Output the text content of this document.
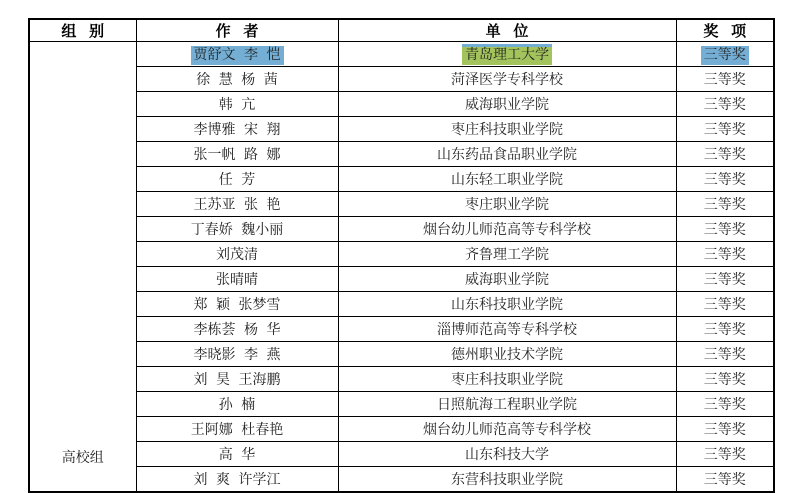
组 别	作 者	单 位	奖 项

高校组	贾舒文 李 恺	青岛理工大学	三等奖
	徐 慧 杨 茜	菏泽医学专科学校	三等奖
	韩 亢	威海职业学院	三等奖
	李博雅 宋 翔	枣庄科技职业学院	三等奖
	张一帆 路 娜	山东药品食品职业学院	三等奖
	任 芳	山东轻工职业学院	三等奖
	王苏亚 张 艳	枣庄职业学院	三等奖
	丁春娇 魏小丽	烟台幼儿师范高等专科学校	三等奖
	刘茂清	齐鲁理工学院	三等奖
	张晴晴	威海职业学院	三等奖
	郑 颖 张梦雪	山东科技职业学院	三等奖
	李栋荟 杨 华	淄博师范高等专科学校	三等奖
	李晓影 李 燕	德州职业技术学院	三等奖
	刘 昊 王海鹏	枣庄科技职业学院	三等奖
	孙 楠	日照航海工程职业学院	三等奖
	王阿娜 杜春艳	烟台幼儿师范高等专科学校	三等奖
	高 华	山东科技大学	三等奖
	刘 爽 许学江	东营科技职业学院	三等奖
